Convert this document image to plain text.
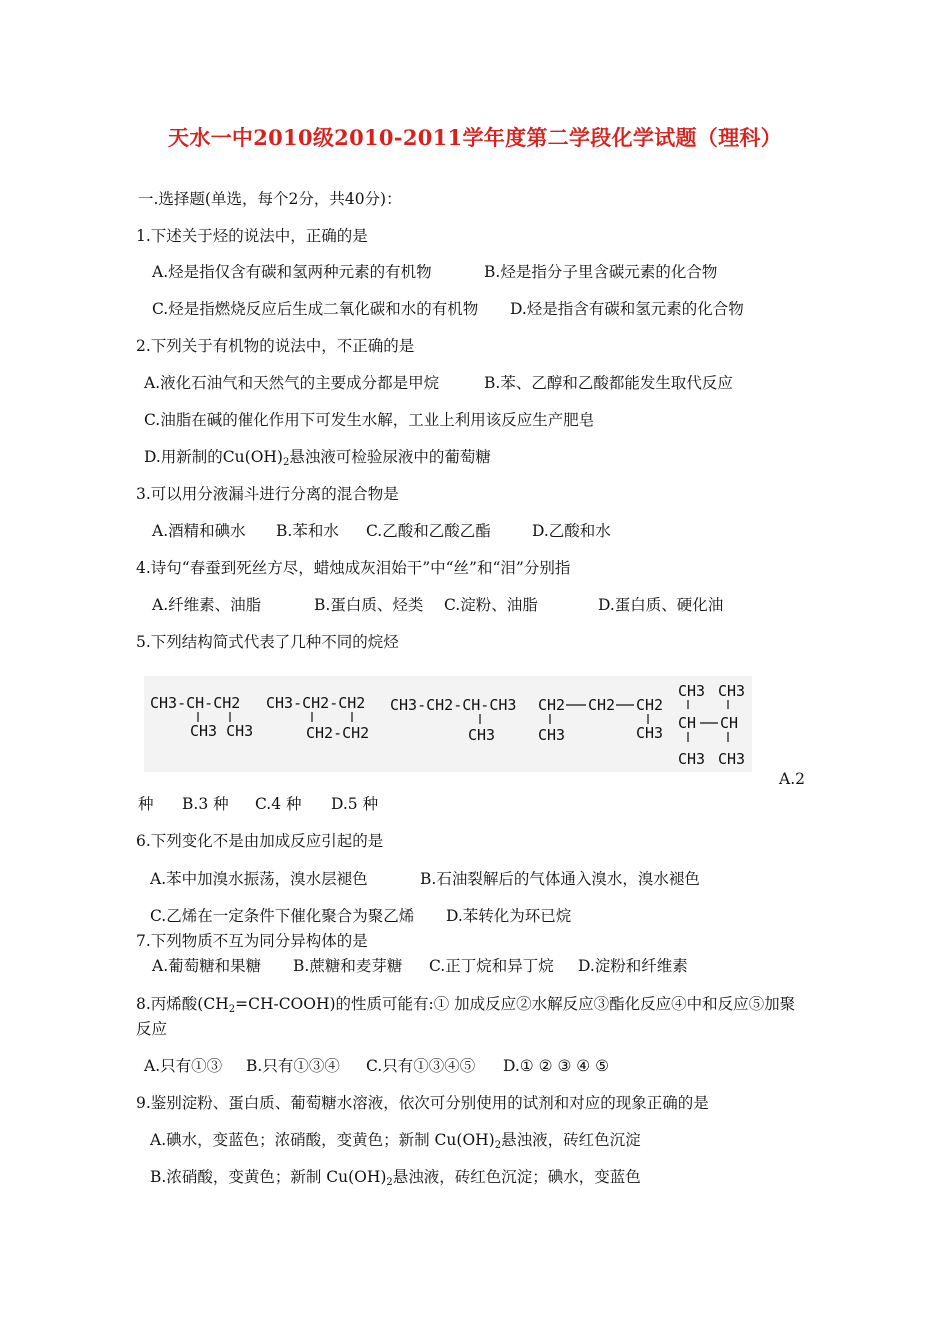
天水一中2010级2010-2011学年度第二学段化学试题（理科）
一.选择题(单选，每个2分，共40分)：
1.下述关于烃的说法中，正确的是
A.烃是指仅含有碳和氢两种元素的有机物	B.烃是指分子里含碳元素的化合物
C.烃是指燃烧反应后生成二氧化碳和水的有机物 D.烃是指含有碳和氢元素的化合物
2.下列关于有机物的说法中，不正确的是
A.液化石油气和天然气的主要成分都是甲烷	B.苯、乙醇和乙酸都能发生取代反应
C.油脂在碱的催化作用下可发生水解，工业上利用该反应生产肥皂
D.用新制的$Cu(OH)_2$悬浊液可检验尿液中的葡萄糖
3.可以用分液漏斗进行分离的混合物是
A.酒精和碘水 B.苯和水 C.乙酸和乙酸乙酯	D.乙酸和水
4.诗句“春蚕到死丝方尽，蜡烛成灰泪始干”中“丝”和“泪”分别指
A.纤维素、油脂	B.蛋白质、烃类 C.淀粉、油脂	D.蛋白质、硬化油
5.下列结构简式代表了几种不同的烷烃
CH3-CH-CH2
CH3 CH3
CH3-CH2-CH2
CH2-CH2
CH3-CH2-CH-CH3
CH3
CH2 CH2 CH2
CH3	CH3
CH3 CH3
CH CH
CH3 CH3
A.2
种 B.3 种 C.4 种 D.5 种
6.下列变化不是由加成反应引起的是
A.苯中加溴水振荡，溴水层褪色	B.石油裂解后的气体通入溴水，溴水褪色
C.乙烯在一定条件下催化聚合为聚乙烯 D.苯转化为环已烷
7.下列物质不互为同分异构体的是
A.葡萄糖和果糖 B.蔗糖和麦芽糖 C.正丁烷和异丁烷 D.淀粉和纤维素
8.丙烯酸$(CH_2=CH-COOH)$的性质可能有:① 加成反应②水解反应③酯化反应④中和反应⑤加聚
反应
A.只有①③ B.只有①③④ C.只有①③④⑤ D.① ② ③ ④ ⑤
9.鉴别淀粉、蛋白质、葡萄糖水溶液，依次可分别使用的试剂和对应的现象正确的是
A.碘水，变蓝色；浓硝酸，变黄色；新制 $Cu(OH)_2$悬浊液，砖红色沉淀
B.浓硝酸，变黄色；新制 $Cu(OH)_2$悬浊液，砖红色沉淀；碘水，变蓝色
